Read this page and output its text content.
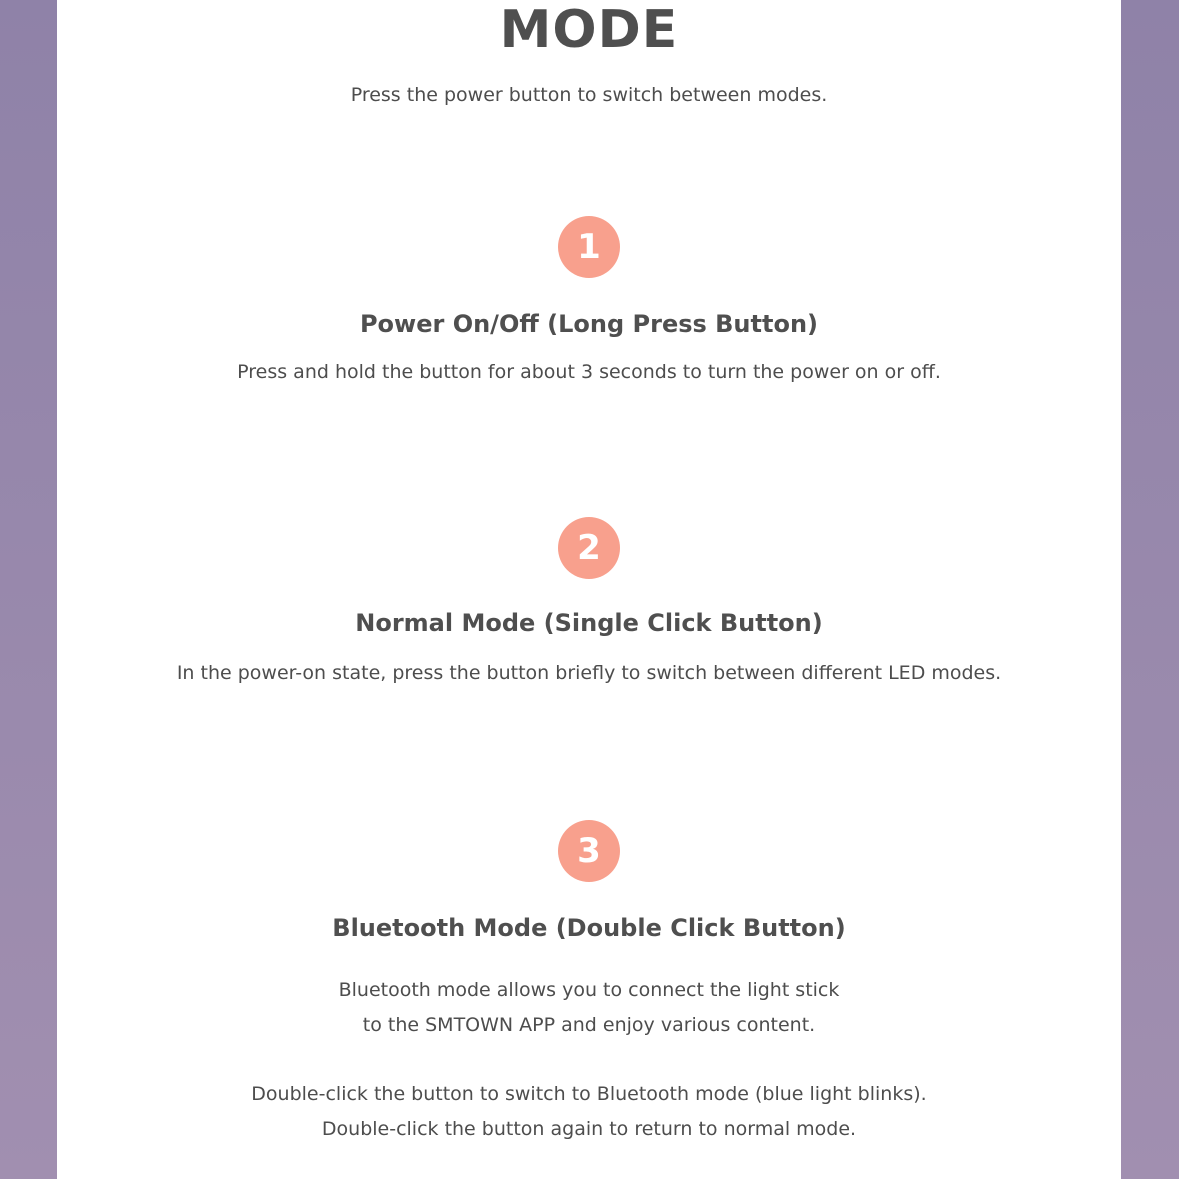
MODE
Press the power button to switch between modes.
1
Power On/Off (Long Press Button)
Press and hold the button for about 3 seconds to turn the power on or off.
2
Normal Mode (Single Click Button)
In the power-on state, press the button briefly to switch between different LED modes.
3
Bluetooth Mode (Double Click Button)
Bluetooth mode allows you to connect the light stick
to the SMTOWN APP and enjoy various content.
Double-click the button to switch to Bluetooth mode (blue light blinks).
Double-click the button again to return to normal mode.
